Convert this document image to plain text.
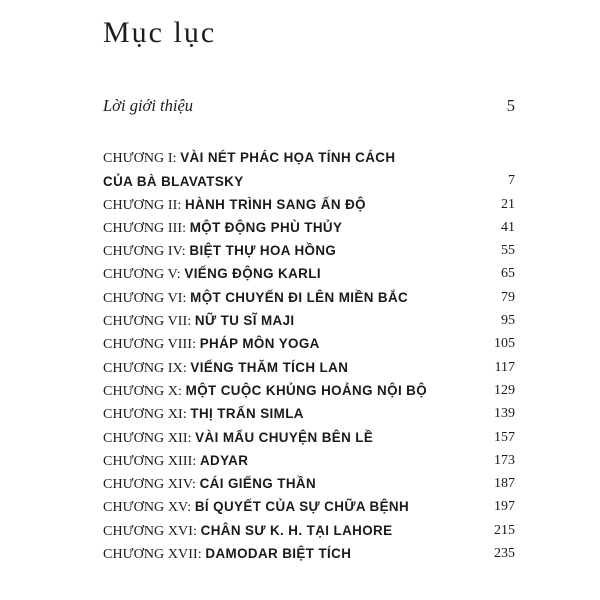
Mục lục
Lời giới thiệu	5
CHƯƠNG I: VÀI NÉT PHÁC HỌA TÍNH CÁCH
CỦA BÀ BLAVATSKY	7
CHƯƠNG II: HÀNH TRÌNH SANG ẤN ĐỘ	21
CHƯƠNG III: MỘT ĐỘNG PHÙ THỦY	41
CHƯƠNG IV: BIỆT THỰ HOA HỒNG	55
CHƯƠNG V: VIẾNG ĐỘNG KARLI	65
CHƯƠNG VI: MỘT CHUYẾN ĐI LÊN MIỀN BẮC	79
CHƯƠNG VII: NỮ TU SĨ MAJI	95
CHƯƠNG VIII: PHÁP MÔN YOGA	105
CHƯƠNG IX: VIẾNG THĂM TÍCH LAN	117
CHƯƠNG X: MỘT CUỘC KHỦNG HOẢNG NỘI BỘ	129
CHƯƠNG XI: THỊ TRẤN SIMLA	139
CHƯƠNG XII: VÀI MẨU CHUYỆN BÊN LỀ	157
CHƯƠNG XIII: ADYAR	173
CHƯƠNG XIV: CÁI GIẾNG THẦN	187
CHƯƠNG XV: BÍ QUYẾT CỦA SỰ CHỮA BỆNH	197
CHƯƠNG XVI: CHÂN SƯ K. H. TẠI LAHORE	215
CHƯƠNG XVII: DAMODAR BIỆT TÍCH	235
